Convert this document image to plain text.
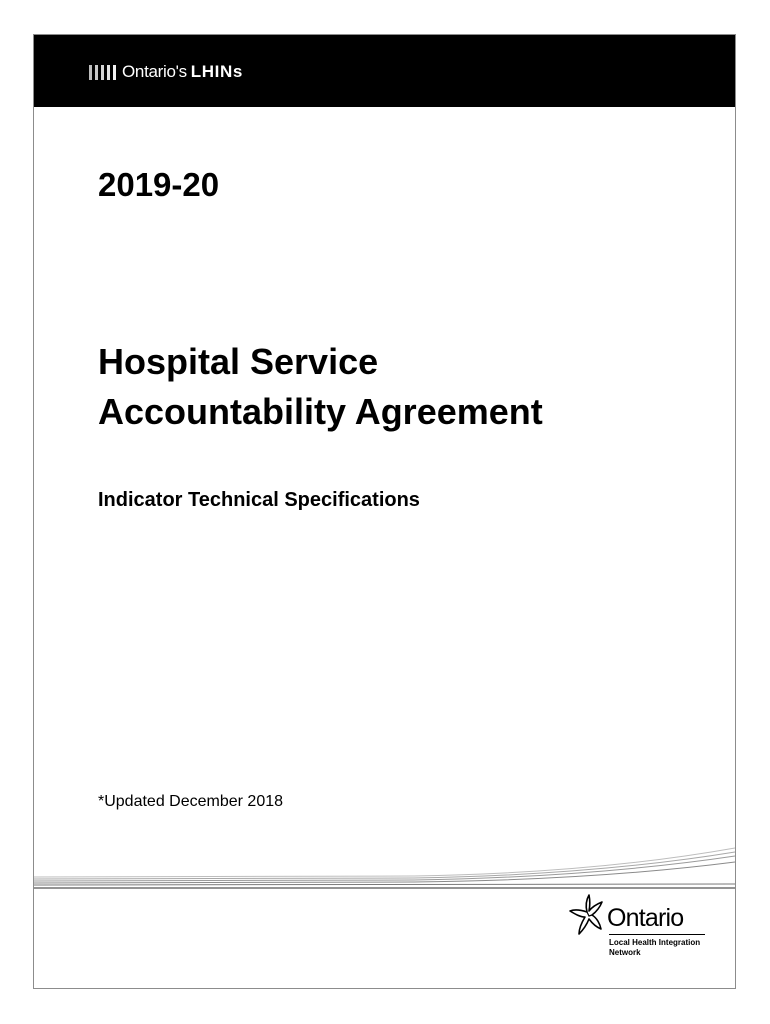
Ontario's LHINs
2019-20
Hospital Service
Accountability Agreement
Indicator Technical Specifications

*Updated December 2018

Ontario
Local Health Integration
Network
